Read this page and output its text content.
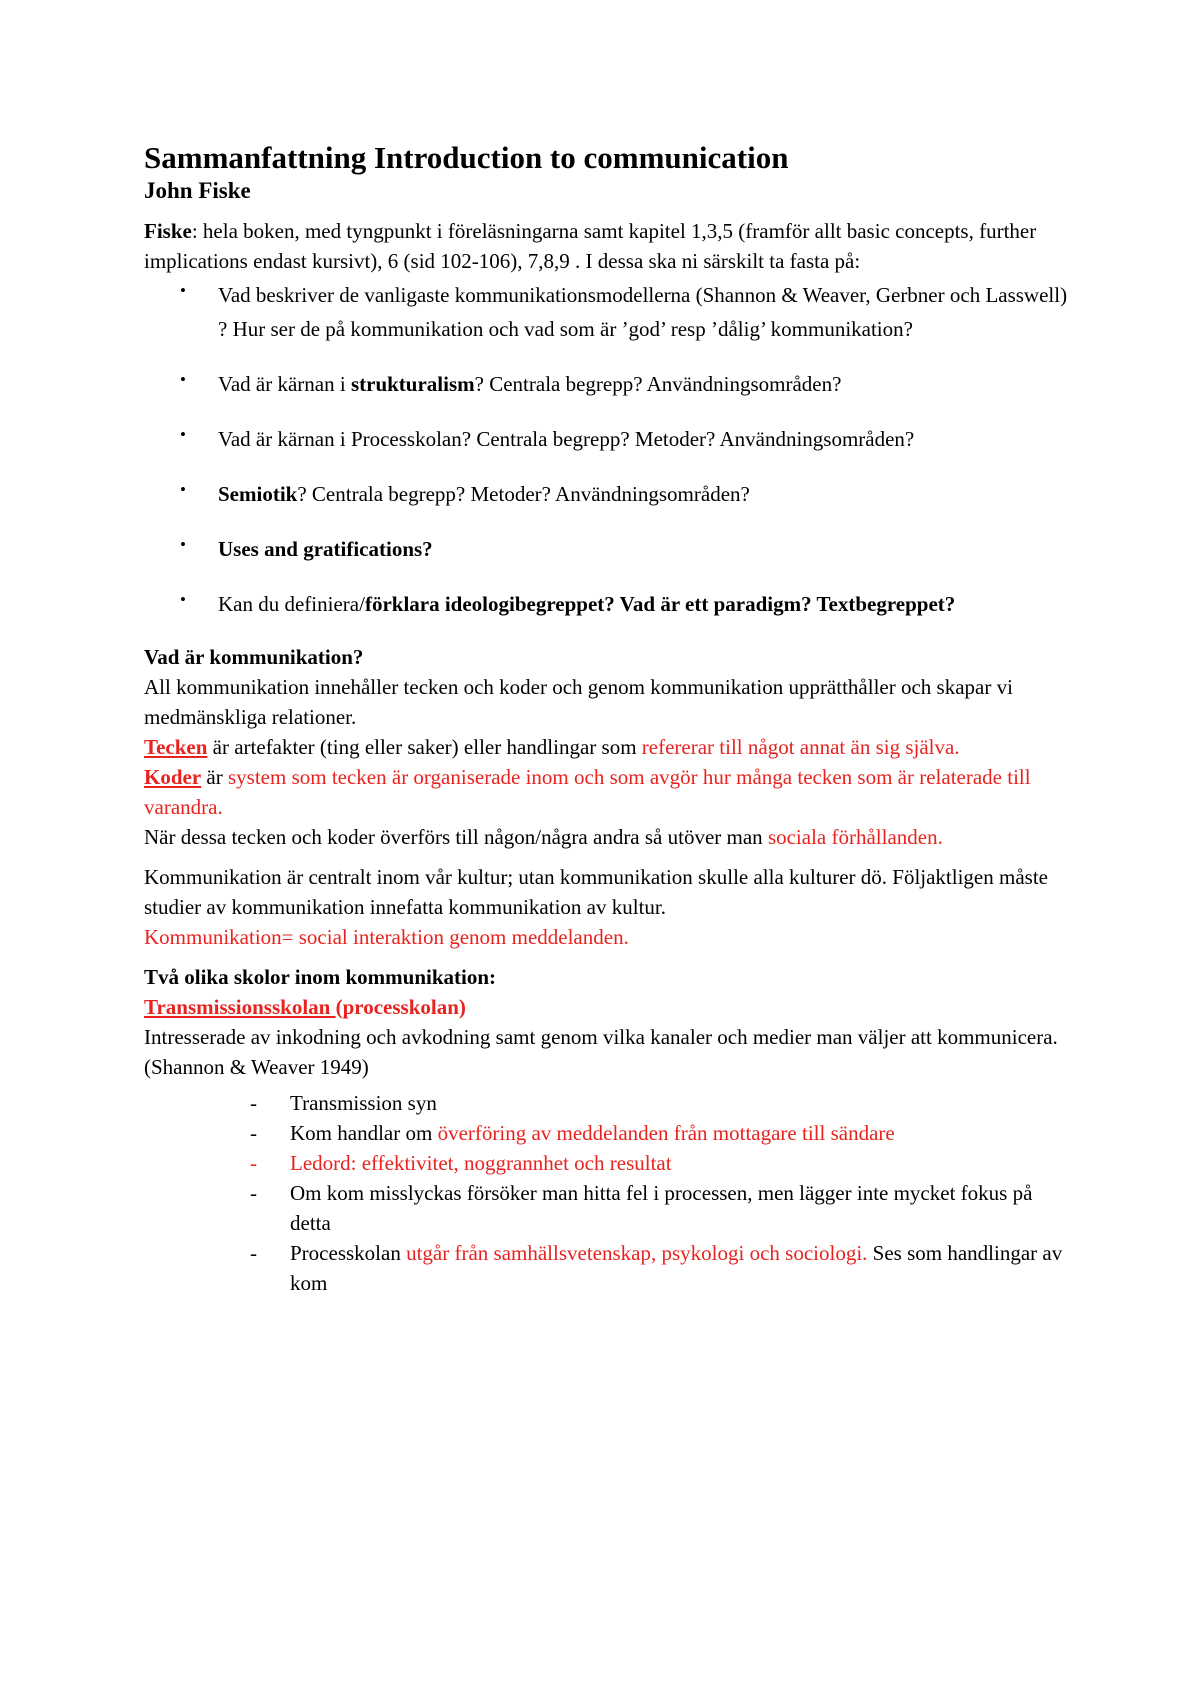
Sammanfattning Introduction to communication
John Fiske

Fiske: hela boken, med tyngpunkt i föreläsningarna samt kapitel 1,3,5 (framför allt basic concepts, further implications endast kursivt), 6 (sid 102-106), 7,8,9 . I dessa ska ni särskilt ta fasta på:

• Vad beskriver de vanligaste kommunikationsmodellerna (Shannon & Weaver, Gerbner och Lasswell) ? Hur ser de på kommunikation och vad som är ’god’ resp ’dålig’ kommunikation?
• Vad är kärnan i strukturalism? Centrala begrepp? Användningsområden?
• Vad är kärnan i Processkolan? Centrala begrepp? Metoder? Användningsområden?
• Semiotik? Centrala begrepp? Metoder? Användningsområden?
• Uses and gratifications?
• Kan du definiera/förklara ideologibegreppet? Vad är ett paradigm? Textbegreppet?

Vad är kommunikation?

All kommunikation innehåller tecken och koder och genom kommunikation upprätthåller och skapar vi medmänskliga relationer.

Tecken är artefakter (ting eller saker) eller handlingar som refererar till något annat än sig själva.

Koder är system som tecken är organiserade inom och som avgör hur många tecken som är relaterade till varandra.

När dessa tecken och koder överförs till någon/några andra så utöver man sociala förhållanden.

Kommunikation är centralt inom vår kultur; utan kommunikation skulle alla kulturer dö. Följaktligen måste studier av kommunikation innefatta kommunikation av kultur.

Kommunikation= social interaktion genom meddelanden.

Två olika skolor inom kommunikation:

Transmissionsskolan (processkolan)

Intresserade av inkodning och avkodning samt genom vilka kanaler och medier man väljer att kommunicera. (Shannon & Weaver 1949)

- Transmission syn
- Kom handlar om överföring av meddelanden från mottagare till sändare
- Ledord: effektivitet, noggrannhet och resultat
- Om kom misslyckas försöker man hitta fel i processen, men lägger inte mycket fokus på detta
- Processkolan utgår från samhällsvetenskap, psykologi och sociologi. Ses som handlingar av kom
